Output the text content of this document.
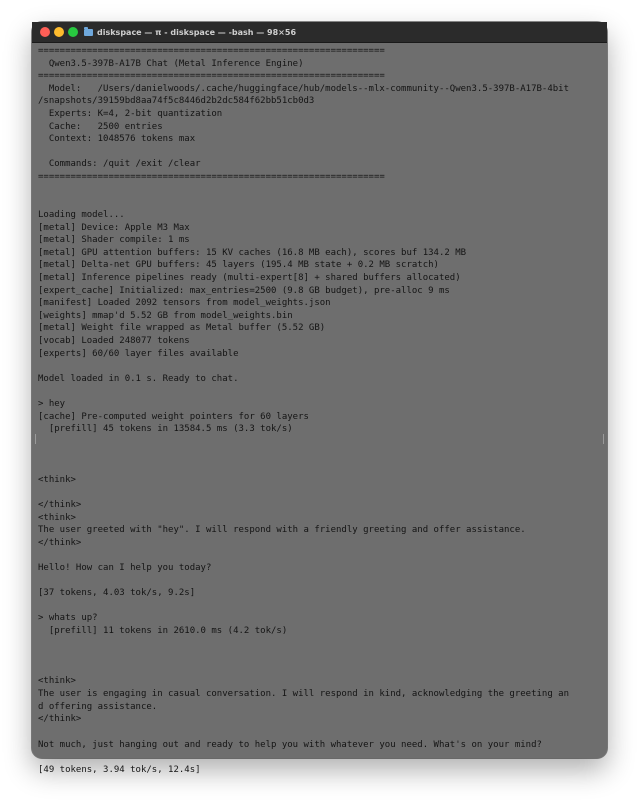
diskspace — π - diskspace — -bash — 98×56
================================================================
Qwen3.5-397B-A17B Chat (Metal Inference Engine)
================================================================
Model:   /Users/danielwoods/.cache/huggingface/hub/models--mlx-community--Qwen3.5-397B-A17B-4bit
/snapshots/39159bd8aa74f5c8446d2b2dc584f62bb51cb0d3
Experts: K=4, 2-bit quantization
Cache:   2500 entries
Context: 1048576 tokens max
Commands: /quit /exit /clear
================================================================
Loading model...
[metal] Device: Apple M3 Max
[metal] Shader compile: 1 ms
[metal] GPU attention buffers: 15 KV caches (16.8 MB each), scores buf 134.2 MB
[metal] Delta-net GPU buffers: 45 layers (195.4 MB state + 0.2 MB scratch)
[metal] Inference pipelines ready (multi-expert[8] + shared buffers allocated)
[expert_cache] Initialized: max_entries=2500 (9.8 GB budget), pre-alloc 9 ms
[manifest] Loaded 2092 tensors from model_weights.json
[weights] mmap'd 5.52 GB from model_weights.bin
[metal] Weight file wrapped as Metal buffer (5.52 GB)
[vocab] Loaded 248077 tokens
[experts] 60/60 layer files available
Model loaded in 0.1 s. Ready to chat.
> hey
[cache] Pre-computed weight pointers for 60 layers
[prefill] 45 tokens in 13584.5 ms (3.3 tok/s)
<think>
</think>
<think>
The user greeted with "hey". I will respond with a friendly greeting and offer assistance.
</think>
Hello! How can I help you today?
[37 tokens, 4.03 tok/s, 9.2s]
> whats up?
[prefill] 11 tokens in 2610.0 ms (4.2 tok/s)
<think>
The user is engaging in casual conversation. I will respond in kind, acknowledging the greeting an
d offering assistance.
</think>
Not much, just hanging out and ready to help you with whatever you need. What's on your mind?
[49 tokens, 3.94 tok/s, 12.4s]
